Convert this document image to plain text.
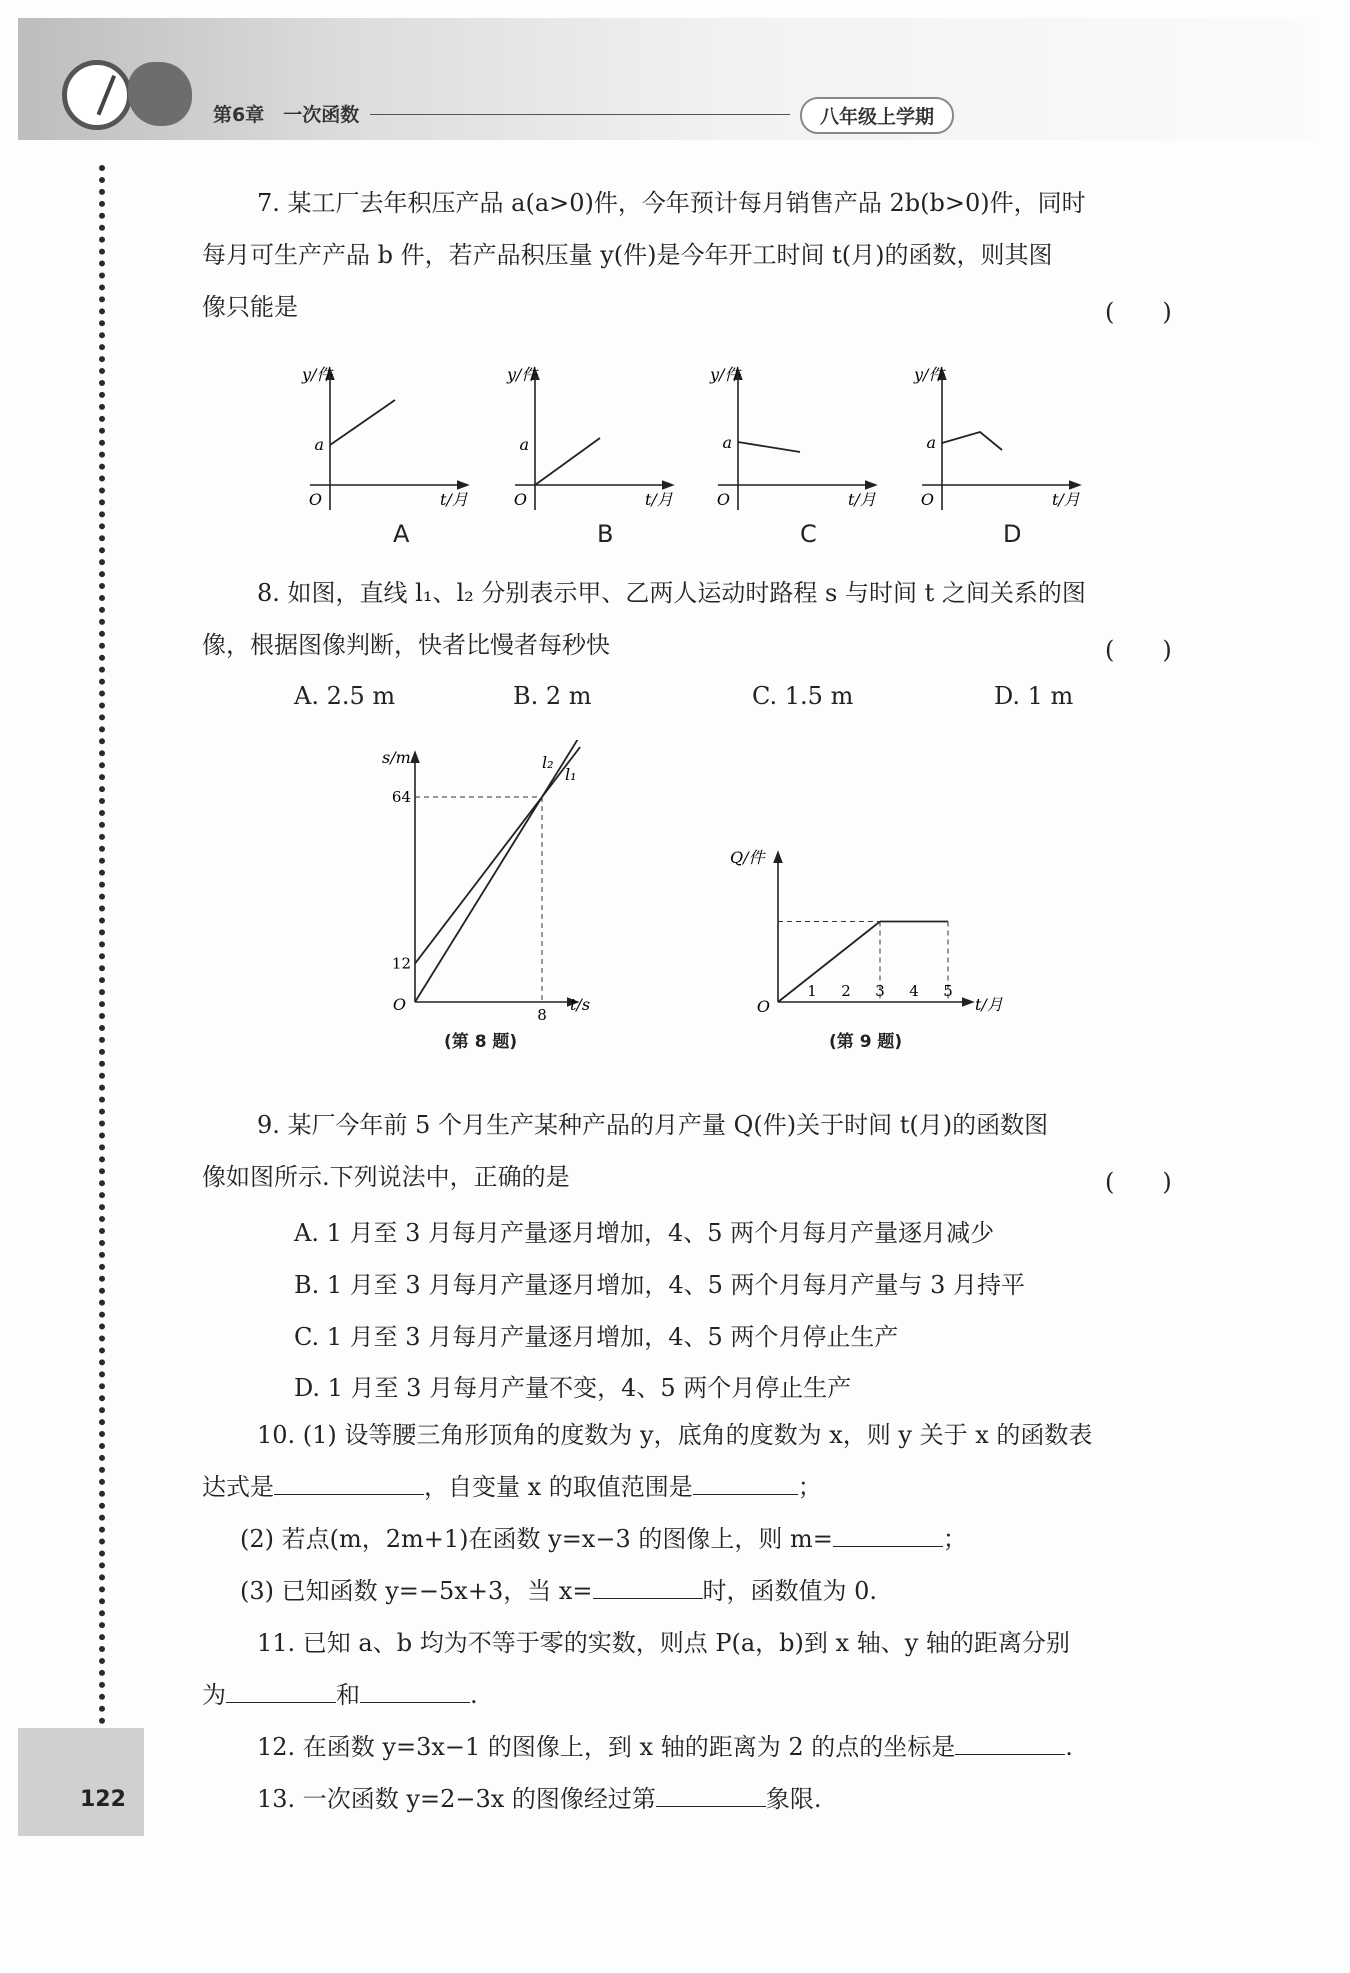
第6章　一次函数	八年级上学期
122
7. 某工厂去年积压产品 a(a>0)件，今年预计每月销售产品 2b(b>0)件，同时
每月可生产产品 b 件，若产品积压量 y(件)是今年开工时间 t(月)的函数，则其图
像只能是	(　　)
y/件
t/月
O
a
y/件
t/月
O
a
y/件
t/月
O
a
y/件
t/月
O
a
A	B	C	D
8. 如图，直线 l₁、l₂ 分别表示甲、乙两人运动时路程 s 与时间 t 之间关系的图
像，根据图像判断，快者比慢者每秒快	(　　)
A. 2.5 m	B. 2 m	C. 1.5 m	D. 1 m
64
12
8
s/m
t/s
O
l₂
l₁
1 2 3 4 5
Q/件
t/月
O
(第 8 题)	(第 9 题)
9. 某厂今年前 5 个月生产某种产品的月产量 Q(件)关于时间 t(月)的函数图
像如图所示.下列说法中，正确的是	(　　)
A. 1 月至 3 月每月产量逐月增加，4、5 两个月每月产量逐月减少
B. 1 月至 3 月每月产量逐月增加，4、5 两个月每月产量与 3 月持平
C. 1 月至 3 月每月产量逐月增加，4、5 两个月停止生产
D. 1 月至 3 月每月产量不变，4、5 两个月停止生产
10. (1) 设等腰三角形顶角的度数为 y，底角的度数为 x，则 y 关于 x 的函数表
达式是	，自变量 x 的取值范围是	；
(2) 若点(m，2m+1)在函数 y=x−3 的图像上，则 m=	；
(3) 已知函数 y=−5x+3，当 x=	时，函数值为 0.
11. 已知 a、b 均为不等于零的实数，则点 P(a，b)到 x 轴、y 轴的距离分别
为	和	.
12. 在函数 y=3x−1 的图像上，到 x 轴的距离为 2 的点的坐标是	.
13. 一次函数 y=2−3x 的图像经过第	象限.
